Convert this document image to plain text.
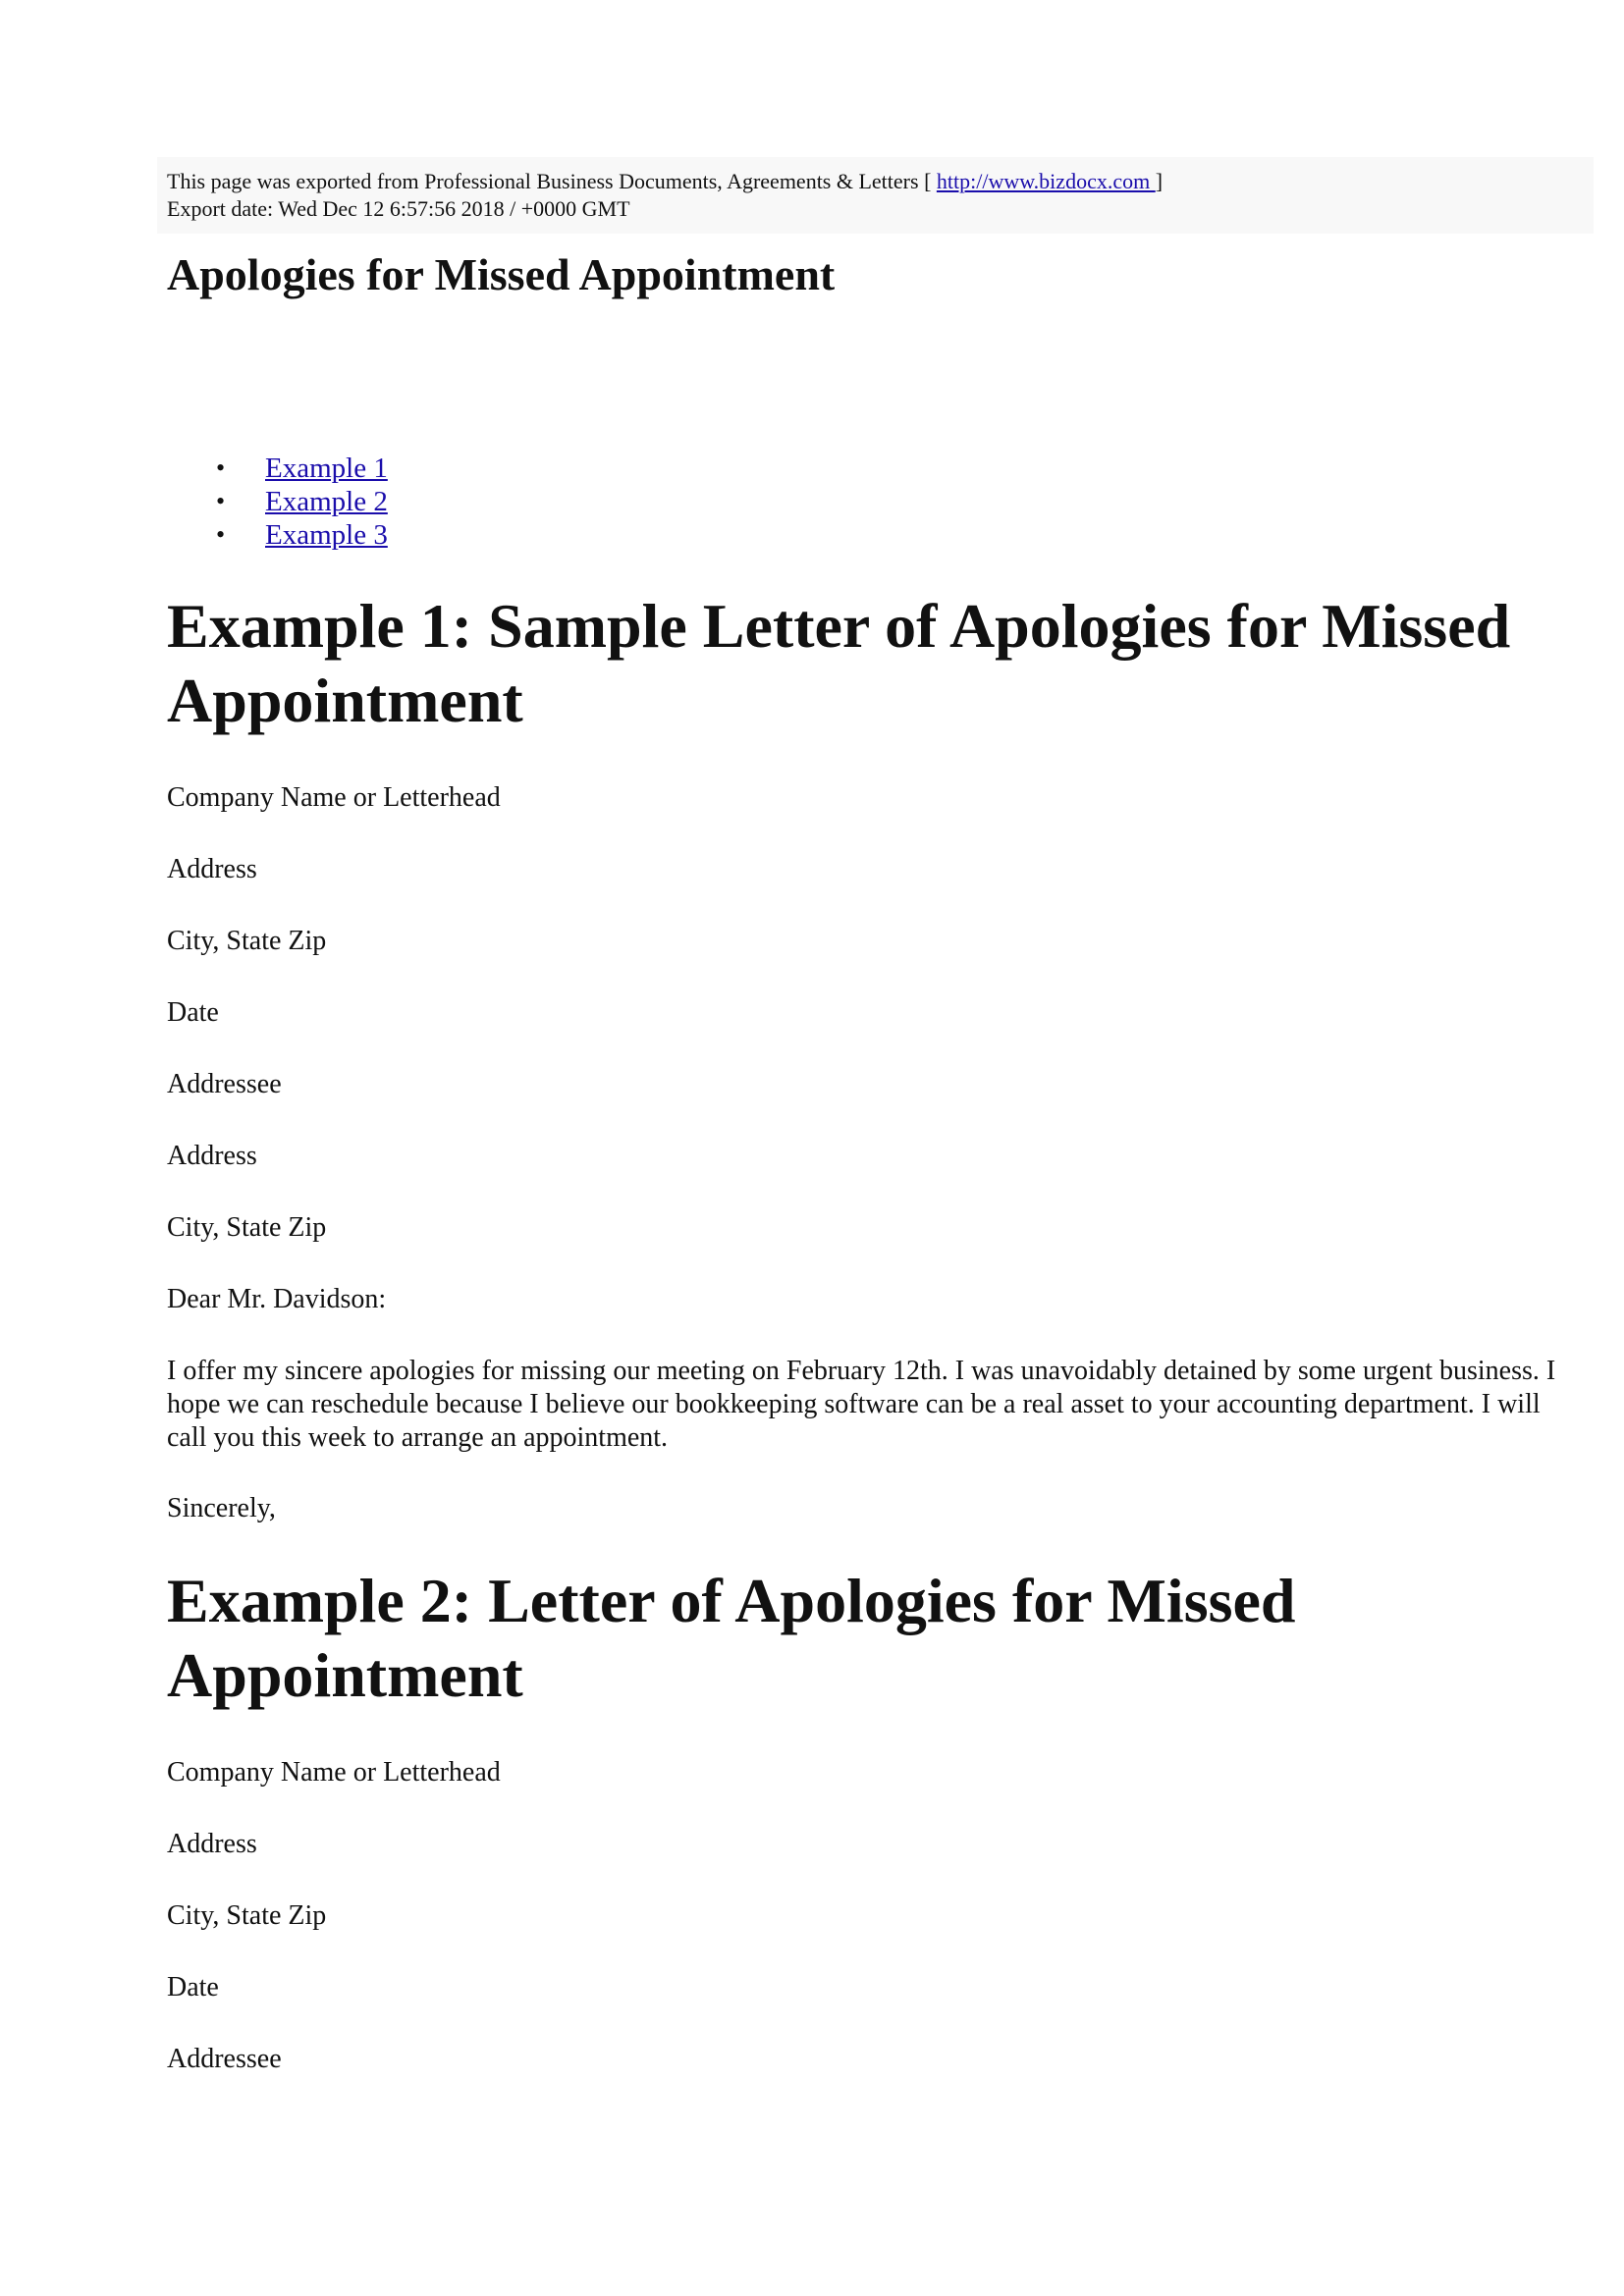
This page was exported from Professional Business Documents, Agreements & Letters [ http://www.bizdocx.com ]
Export date: Wed Dec 12 6:57:56 2018 / +0000 GMT
Apologies for Missed Appointment
• Example 1
• Example 2
• Example 3
Example 1: Sample Letter of Apologies for Missed Appointment

Company Name or Letterhead

Address

City, State Zip

Date

Addressee

Address

City, State Zip

Dear Mr. Davidson:

I offer my sincere apologies for missing our meeting on February 12th. I was unavoidably detained by some urgent business. I hope we can reschedule because I believe our bookkeeping software can be a real asset to your accounting department. I will call you this week to arrange an appointment.

Sincerely,

Example 2: Letter of Apologies for Missed Appointment

Company Name or Letterhead

Address

City, State Zip

Date

Addressee
